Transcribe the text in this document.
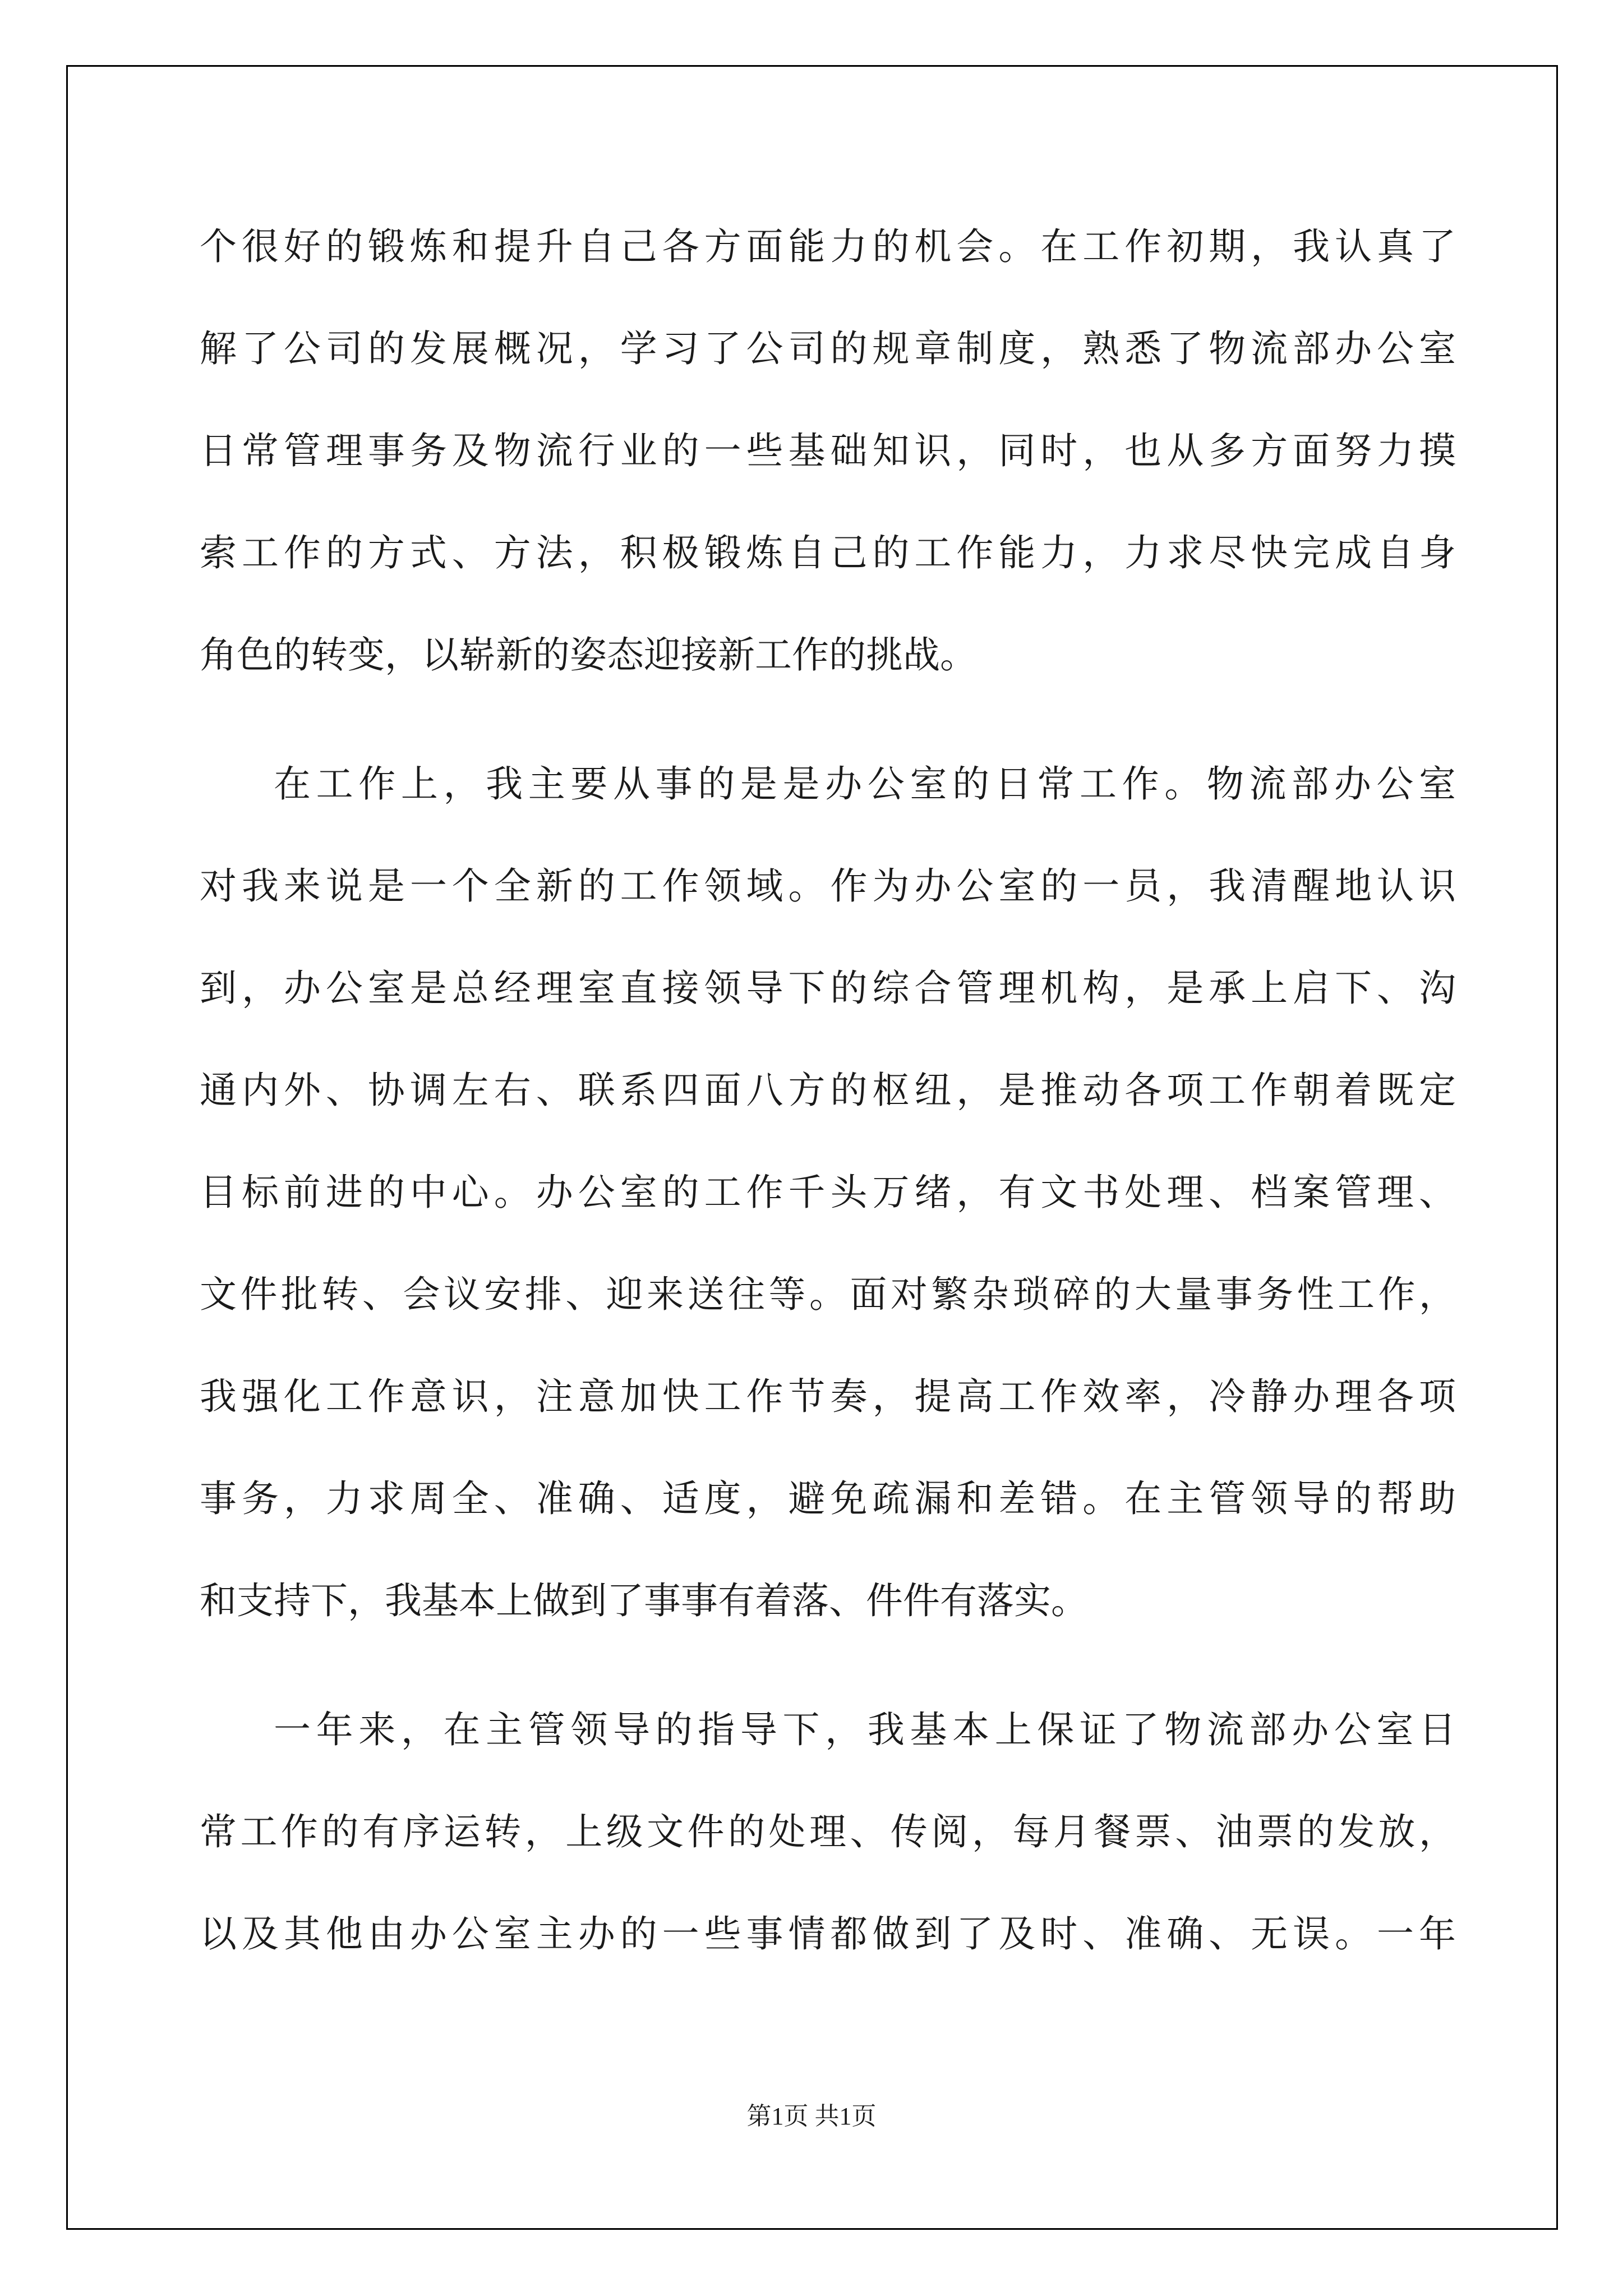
个很好的锻炼和提升自己各方面能力的机会。在工作初期，我认真了
解了公司的发展概况，学习了公司的规章制度，熟悉了物流部办公室
日常管理事务及物流行业的一些基础知识，同时，也从多方面努力摸
索工作的方式、方法，积极锻炼自己的工作能力，力求尽快完成自身
角色的转变，以崭新的姿态迎接新工作的挑战。
在工作上，我主要从事的是是办公室的日常工作。物流部办公室
对我来说是一个全新的工作领域。作为办公室的一员，我清醒地认识
到，办公室是总经理室直接领导下的综合管理机构，是承上启下、沟
通内外、协调左右、联系四面八方的枢纽，是推动各项工作朝着既定
目标前进的中心。办公室的工作千头万绪，有文书处理、档案管理、
文件批转、会议安排、迎来送往等。面对繁杂琐碎的大量事务性工作，
我强化工作意识，注意加快工作节奏，提高工作效率，冷静办理各项
事务，力求周全、准确、适度，避免疏漏和差错。在主管领导的帮助
和支持下，我基本上做到了事事有着落、件件有落实。
一年来，在主管领导的指导下，我基本上保证了物流部办公室日
常工作的有序运转，上级文件的处理、传阅，每月餐票、油票的发放，
以及其他由办公室主办的一些事情都做到了及时、准确、无误。一年
第1页 共1页
